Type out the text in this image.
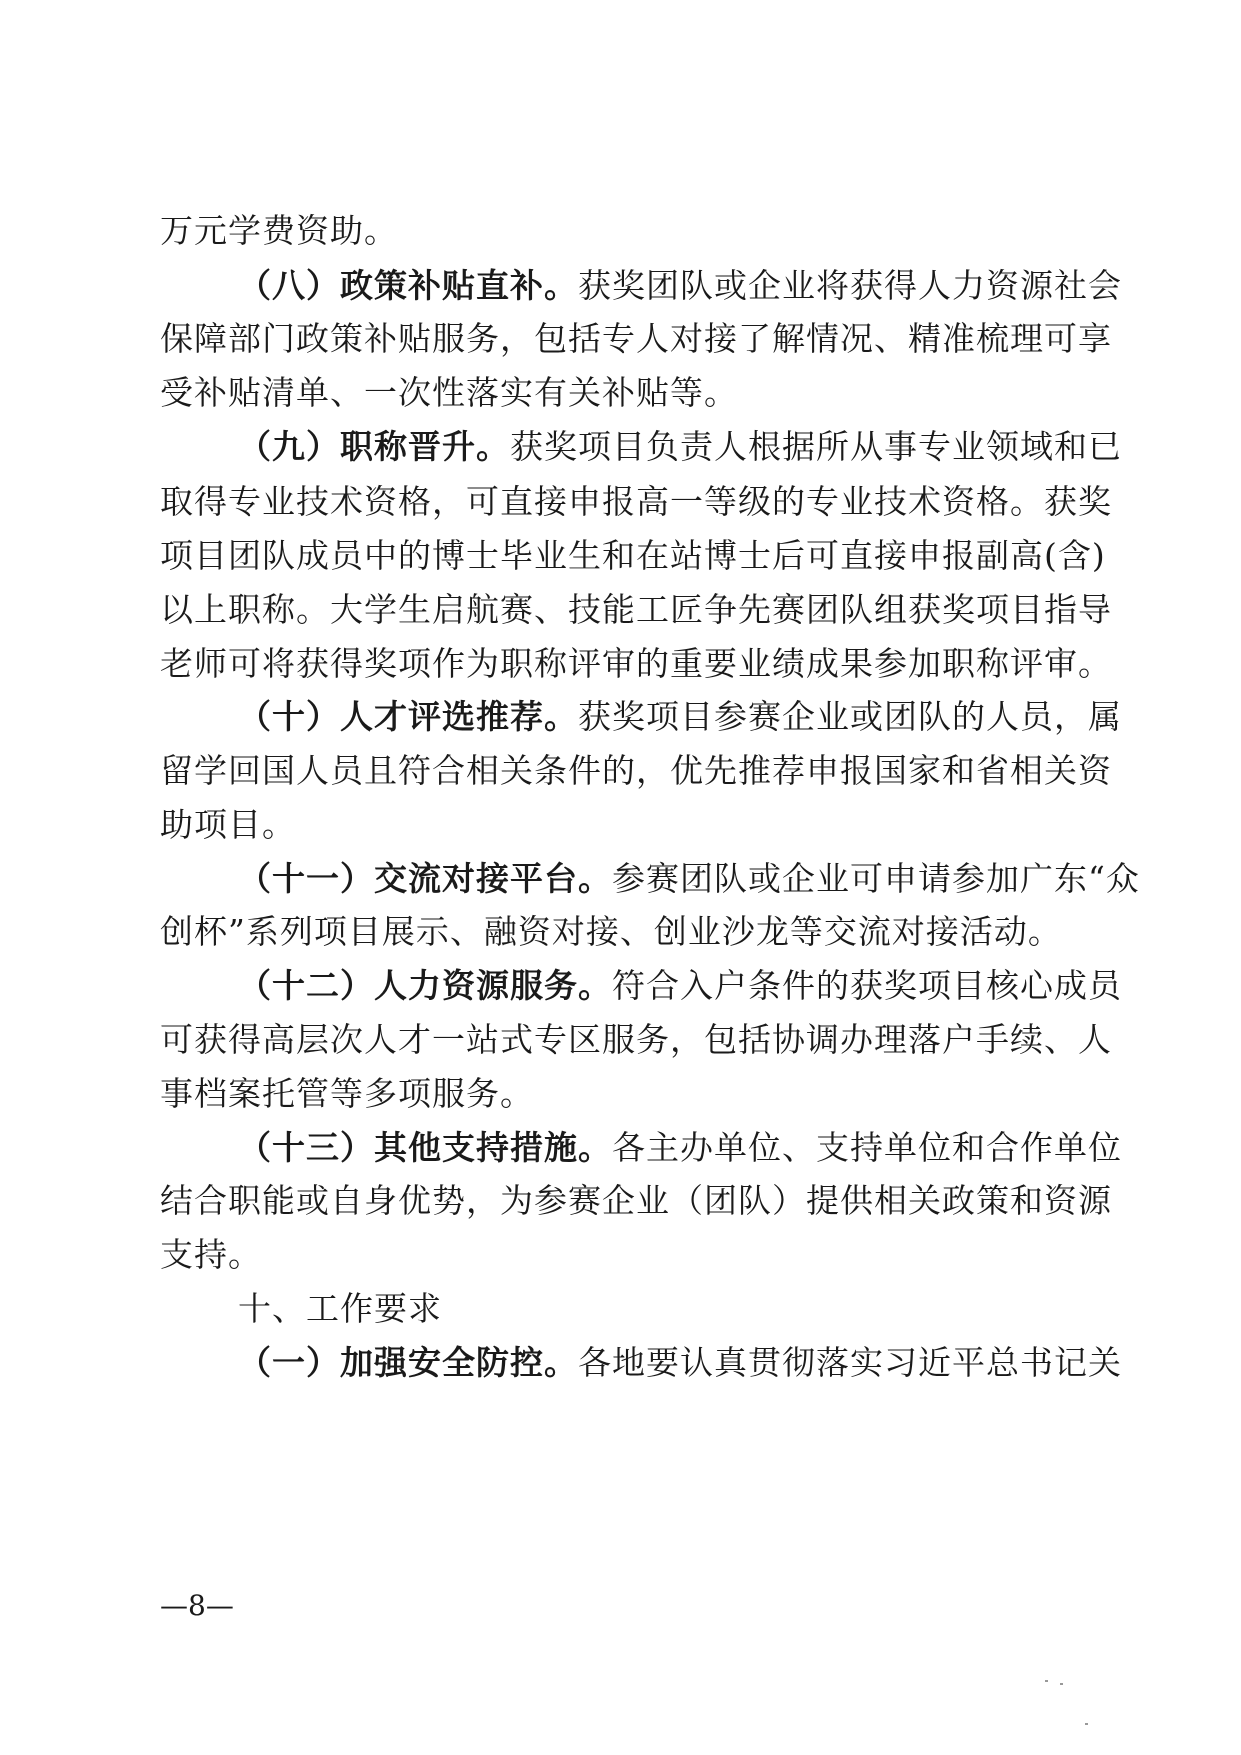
万元学费资助。
（八）政策补贴直补。获奖团队或企业将获得人力资源社会
保障部门政策补贴服务，包括专人对接了解情况、精准梳理可享
受补贴清单、一次性落实有关补贴等。
（九）职称晋升。获奖项目负责人根据所从事专业领域和已
取得专业技术资格，可直接申报高一等级的专业技术资格。获奖
项目团队成员中的博士毕业生和在站博士后可直接申报副高(含)
以上职称。大学生启航赛、技能工匠争先赛团队组获奖项目指导
老师可将获得奖项作为职称评审的重要业绩成果参加职称评审。
（十）人才评选推荐。获奖项目参赛企业或团队的人员，属
留学回国人员且符合相关条件的，优先推荐申报国家和省相关资
助项目。
（十一）交流对接平台。参赛团队或企业可申请参加广东“众
创杯”系列项目展示、融资对接、创业沙龙等交流对接活动。
（十二）人力资源服务。符合入户条件的获奖项目核心成员
可获得高层次人才一站式专区服务，包括协调办理落户手续、人
事档案托管等多项服务。
（十三）其他支持措施。各主办单位、支持单位和合作单位
结合职能或自身优势，为参赛企业（团队）提供相关政策和资源
支持。
十、工作要求
（一）加强安全防控。各地要认真贯彻落实习近平总书记关
—8—
